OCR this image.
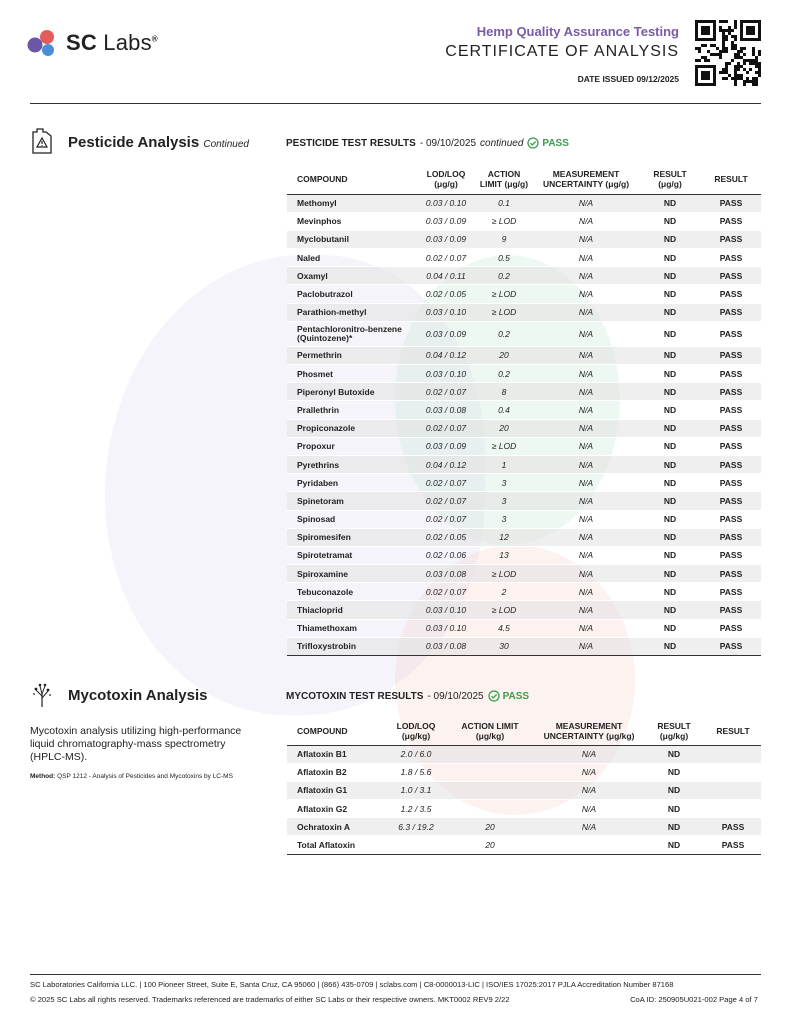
SC Labs®
Hemp Quality Assurance Testing
CERTIFICATE OF ANALYSIS
DATE ISSUED 09/12/2025
Pesticide Analysis Continued	PESTICIDE TEST RESULTS - 09/10/2025 continued PASS
COMPOUND	LOD/LOQ (μg/g)	ACTION LIMIT (μg/g)	MEASUREMENT UNCERTAINTY (μg/g)	RESULT (μg/g)	RESULT
Methomyl	0.03 / 0.10	0.1	N/A	ND	PASS
Mevinphos	0.03 / 0.09	≥ LOD	N/A	ND	PASS
Myclobutanil	0.03 / 0.09	9	N/A	ND	PASS
Naled	0.02 / 0.07	0.5	N/A	ND	PASS
Oxamyl	0.04 / 0.11	0.2	N/A	ND	PASS
Paclobutrazol	0.02 / 0.05	≥ LOD	N/A	ND	PASS
Parathion-methyl	0.03 / 0.10	≥ LOD	N/A	ND	PASS
Pentachloronitro-benzene (Quintozene)*	0.03 / 0.09	0.2	N/A	ND	PASS
Permethrin	0.04 / 0.12	20	N/A	ND	PASS
Phosmet	0.03 / 0.10	0.2	N/A	ND	PASS
Piperonyl Butoxide	0.02 / 0.07	8	N/A	ND	PASS
Prallethrin	0.03 / 0.08	0.4	N/A	ND	PASS
Propiconazole	0.02 / 0.07	20	N/A	ND	PASS
Propoxur	0.03 / 0.09	≥ LOD	N/A	ND	PASS
Pyrethrins	0.04 / 0.12	1	N/A	ND	PASS
Pyridaben	0.02 / 0.07	3	N/A	ND	PASS
Spinetoram	0.02 / 0.07	3	N/A	ND	PASS
Spinosad	0.02 / 0.07	3	N/A	ND	PASS
Spiromesifen	0.02 / 0.05	12	N/A	ND	PASS
Spirotetramat	0.02 / 0.06	13	N/A	ND	PASS
Spiroxamine	0.03 / 0.08	≥ LOD	N/A	ND	PASS
Tebuconazole	0.02 / 0.07	2	N/A	ND	PASS
Thiacloprid	0.03 / 0.10	≥ LOD	N/A	ND	PASS
Thiamethoxam	0.03 / 0.10	4.5	N/A	ND	PASS
Trifloxystrobin	0.03 / 0.08	30	N/A	ND	PASS
Mycotoxin Analysis
Mycotoxin analysis utilizing high-performance liquid chromatography-mass spectrometry (HPLC-MS).
Method: QSP 1212 - Analysis of Pesticides and Mycotoxins by LC-MS
MYCOTOXIN TEST RESULTS - 09/10/2025 PASS
COMPOUND	LOD/LOQ (μg/kg)	ACTION LIMIT (μg/kg)	MEASUREMENT UNCERTAINTY (μg/kg)	RESULT (μg/kg)	RESULT
Aflatoxin B1	2.0 / 6.0		N/A	ND	
Aflatoxin B2	1.8 / 5.6		N/A	ND	
Aflatoxin G1	1.0 / 3.1		N/A	ND	
Aflatoxin G2	1.2 / 3.5		N/A	ND	
Ochratoxin A	6.3 / 19.2	20	N/A	ND	PASS
Total Aflatoxin		20		ND	PASS
SC Laboratories California LLC. | 100 Pioneer Street, Suite E, Santa Cruz, CA 95060 | (866) 435-0709 | sclabs.com | C8-0000013-LIC | ISO/IES 17025:2017 PJLA Accreditation Number 87168
© 2025 SC Labs all rights reserved. Trademarks referenced are trademarks of either SC Labs or their respective owners. MKT0002 REV9 2/22	CoA ID: 250905U021-002 Page 4 of 7
